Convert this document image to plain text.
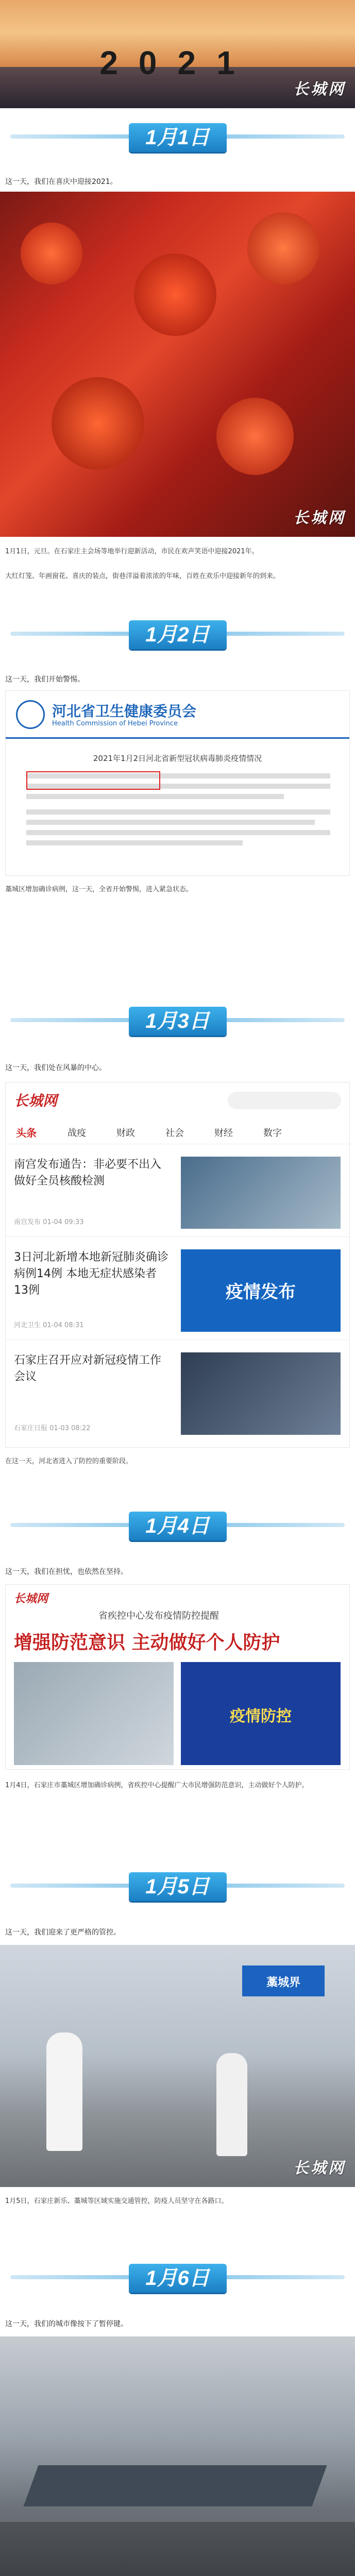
2021
长城网
1月1日
这一天，我们在喜庆中迎接2021。
长城网
1月1日，元旦。在石家庄主会场等地举行迎新活动，市民在欢声笑语中迎接2021年。
大红灯笼、年画窗花、喜庆的装点，街巷洋溢着浓浓的年味，百姓在欢乐中迎接新年的到来。
1月2日
这一天，我们开始警惕。
河北省卫生健康委员会
Health Commission of Hebei Province
2021年1月2日河北省新型冠状病毒肺炎疫情情况
藁城区增加确诊病例，这一天，全省开始警惕，进入紧急状态。
1月3日
这一天，我们处在风暴的中心。
长城网
头条	战疫	财政	社会	财经	数字
南宫发布通告：非必要不出入 做好全员核酸检测
南宫发布 01-04 09:33
3日河北新增本地新冠肺炎确诊病例14例 本地无症状感染者13例
河北卫生 01-04 08:31
疫情发布
石家庄召开应对新冠疫情工作会议
石家庄日报 01-03 08:22
在这一天，河北省进入了防控的重要阶段。
1月4日
这一天，我们在担忧，也依然在坚持。
长城网
省疾控中心发布疫情防控提醒
增强防范意识 主动做好个人防护
疫情防控
1月4日，石家庄市藁城区增加确诊病例，省疾控中心提醒广大市民增强防范意识，主动做好个人防护。
1月5日
这一天，我们迎来了更严格的管控。
藁城界
长城网
1月5日，石家庄新乐、藁城等区域实施交通管控，防疫人员坚守在各路口。
1月6日
这一天，我们的城市像按下了暂停键。
